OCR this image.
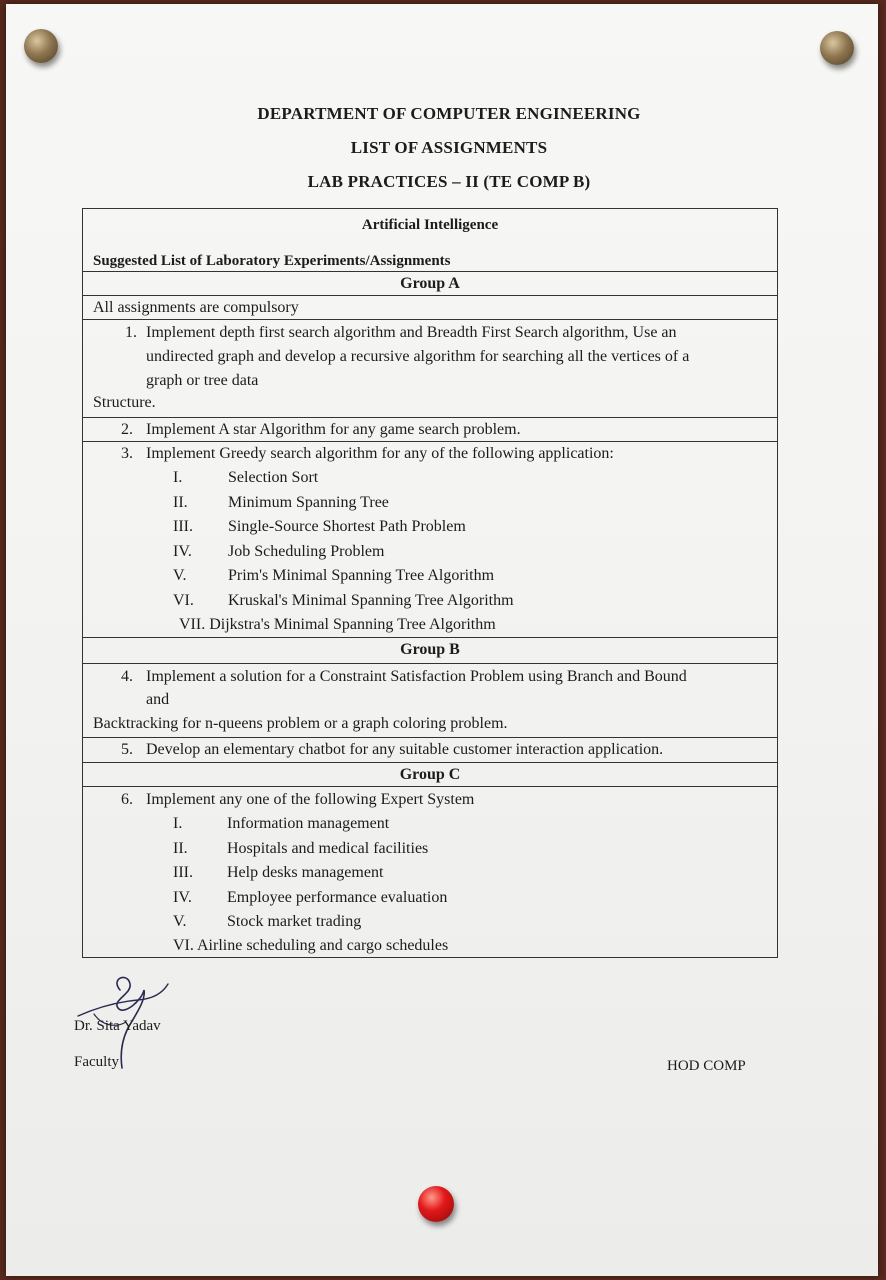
DEPARTMENT OF COMPUTER ENGINEERING
LIST OF ASSIGNMENTS
LAB PRACTICES – II (TE COMP B)
Artificial Intelligence
Suggested List of Laboratory Experiments/Assignments
Group A
All assignments are compulsory
1. Implement depth first search algorithm and Breadth First Search algorithm, Use an
undirected graph and develop a recursive algorithm for searching all the vertices of a
graph or tree data
Structure.
2. Implement A star Algorithm for any game search problem.
3. Implement Greedy search algorithm for any of the following application:
I.	Selection Sort
II.	Minimum Spanning Tree
III. Single-Source Shortest Path Problem
IV. Job Scheduling Problem
V.	Prim's Minimal Spanning Tree Algorithm
VI. Kruskal's Minimal Spanning Tree Algorithm
VII. Dijkstra's Minimal Spanning Tree Algorithm
Group B
4. Implement a solution for a Constraint Satisfaction Problem using Branch and Bound
and
Backtracking for n-queens problem or a graph coloring problem.
5. Develop an elementary chatbot for any suitable customer interaction application.
Group C
6. Implement any one of the following Expert System
I.	Information management
II. Hospitals and medical facilities
III. Help desks management
IV. Employee performance evaluation
V.	Stock market trading
VI. Airline scheduling and cargo schedules
Dr. Sita Yadav
Faculty	HOD COMP
